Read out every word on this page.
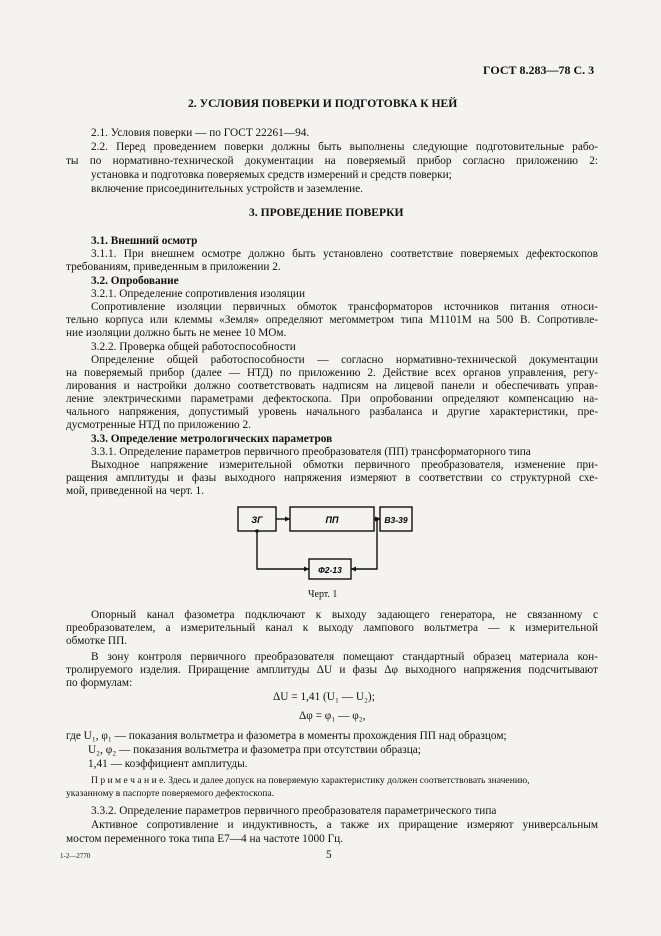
ГОСТ 8.283—78 С. 3
2. УСЛОВИЯ ПОВЕРКИ И ПОДГОТОВКА К НЕЙ
2.1. Условия поверки — по ГОСТ 22261—94.
2.2. Перед проведением поверки должны быть выполнены следующие подготовительные рабо-
ты по нормативно-технической документации на поверяемый прибор согласно приложению 2:
установка и подготовка поверяемых средств измерений и средств поверки;
включение присоединительных устройств и заземление.
3. ПРОВЕДЕНИЕ ПОВЕРКИ
3.1. Внешний осмотр
3.1.1. При внешнем осмотре должно быть установлено соответствие поверяемых дефектоскопов
требованиям, приведенным в приложении 2.
3.2. Опробование
3.2.1. Определение сопротивления изоляции
Сопротивление изоляции первичных обмоток трансформаторов источников питания относи-
тельно корпуса или клеммы «Земля» определяют мегомметром типа М1101М на 500 В. Сопротивле-
ние изоляции должно быть не менее 10 МОм.
3.2.2. Проверка общей работоспособности
Определение общей работоспособности — согласно нормативно-технической документации
на поверяемый прибор (далее — НТД) по приложению 2. Действие всех органов управления, регу-
лирования и настройки должно соответствовать надписям на лицевой панели и обеспечивать управ-
ление электрическими параметрами дефектоскопа. При опробовании определяют компенсацию на-
чального напряжения, допустимый уровень начального разбаланса и другие характеристики, пре-
дусмотренные НТД по приложению 2.
3.3. Определение метрологических параметров
3.3.1. Определение параметров первичного преобразователя (ПП) трансформаторного типа
Выходное напряжение измерительной обмотки первичного преобразователя, изменение при-
ращения амплитуды и фазы выходного напряжения измеряют в соответствии со структурной схе-
мой, приведенной на черт. 1.
ЗГ	ПП	В3-39
Ф2-13
Черт. 1
Опорный канал фазометра подключают к выходу задающего генератора, не связанному с
преобразователем, а измерительный канал к выходу лампового вольтметра — к измерительной
обмотке ПП.
В зону контроля первичного преобразователя помещают стандартный образец материала кон-
тролируемого изделия. Приращение амплитуды ΔU и фазы Δφ выходного напряжения подсчитывают
по формулам:
ΔU = 1,41 (U₁ — U₂);
Δφ = φ₁ — φ₂,
где U₁, φ₁ — показания вольтметра и фазометра в моменты прохождения ПП над образцом;
U₂, φ₂ — показания вольтметра и фазометра при отсутствии образца;
1,41 — коэффициент амплитуды.
П р и м е ч а н и е. Здесь и далее допуск на поверяемую характеристику должен соответствовать значению,
указанному в паспорте поверяемого дефектоскопа.
3.3.2. Определение параметров первичного преобразователя параметрического типа
Активное сопротивление и индуктивность, а также их приращение измеряют универсальным
мостом переменного тока типа Е7—4 на частоте 1000 Гц.
1-2—2770	5
